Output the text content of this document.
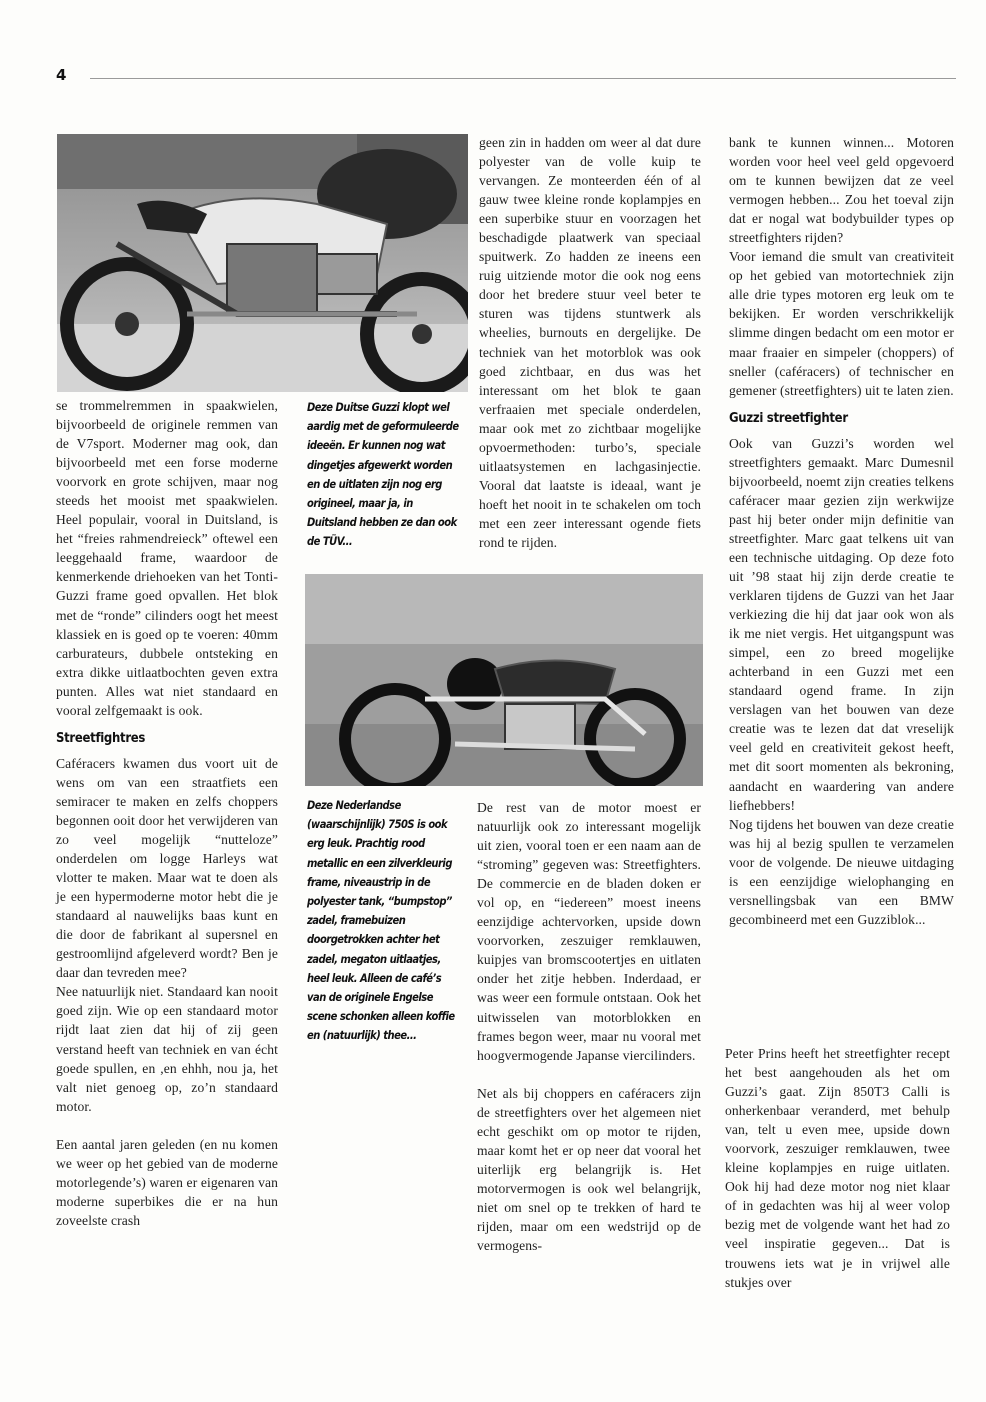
4

se trommelremmen in spaakwielen, bijvoorbeeld de originele remmen van de V7sport. Moderner mag ook, dan bijvoorbeeld met een forse moderne voorvork en grote schijven, maar nog steeds het mooist met spaakwielen. Heel populair, vooral in Duitsland, is het “freies rahmendreieck” oftewel een leeggehaald frame, waardoor de kenmerkende driehoeken van het Tonti-Guzzi frame goed opvallen. Het blok met de “ronde” cilinders oogt het meest klassiek en is goed op te voeren: 40mm carburateurs, dubbele ontsteking en extra dikke uitlaatbochten geven extra punten. Alles wat niet standaard en vooral zelfgemaakt is ook.

Streetfightres

Caféracers kwamen dus voort uit de wens om van een straatfiets een semiracer te maken en zelfs choppers begonnen ooit door het verwijderen van zo veel mogelijk “nutteloze” onderdelen om logge Harleys wat vlotter te maken. Maar wat te doen als je een hypermoderne motor hebt die je standaard al nauwelijks baas kunt en die door de fabrikant al supersnel en gestroomlijnd afgeleverd wordt? Ben je daar dan tevreden mee?

Nee natuurlijk niet. Standaard kan nooit goed zijn. Wie op een standaard motor rijdt laat zien dat hij of zij geen verstand heeft van techniek en van écht goede spullen, en ,en ehhh, nou ja, het valt niet genoeg op, zo’n standaard motor.

Een aantal jaren geleden (en nu komen we weer op het gebied van de moderne motorlegende’s) waren er eigenaren van moderne superbikes die er na hun zoveelste crash

Deze Duitse Guzzi klopt wel aardig met de geformuleerde ideeën. Er kunnen nog wat dingetjes afgewerkt worden en de uitlaten zijn nog erg origineel, maar ja, in Duitsland hebben ze dan ook de TÜV...
Deze Nederlandse (waarschijnlijk) 750S is ook erg leuk. Prachtig rood metallic en een zilverkleurig frame, niveaustrip in de polyester tank, “bumpstop” zadel, framebuizen doorgetrokken achter het zadel, megaton uitlaatjes, heel leuk. Alleen de café’s van de originele Engelse scene schonken alleen koffie en (natuurlijk) thee...

geen zin in hadden om weer al dat dure polyester van de volle kuip te vervangen. Ze monteerden één of al gauw twee kleine ronde koplampjes en een superbike stuur en voorzagen het beschadigde plaatwerk van speciaal spuitwerk. Zo hadden ze ineens een ruig uitziende motor die ook nog eens door het bredere stuur veel beter te sturen was tijdens stuntwerk als wheelies, burnouts en dergelijke. De techniek van het motorblok was ook goed zichtbaar, en dus was het interessant om het blok te gaan verfraaien met speciale onderdelen, maar ook met zo zichtbaar mogelijke opvoermethoden: turbo’s, speciale uitlaatsystemen en lachgasinjectie. Vooral dat laatste is ideaal, want je hoeft het nooit in te schakelen om toch met een zeer interessant ogende fiets rond te rijden.

De rest van de motor moest er natuurlijk ook zo interessant mogelijk uit zien, vooral toen er een naam aan de “stroming” gegeven was: Streetfighters. De commercie en de bladen doken er vol op, en “iedereen” moest ineens eenzijdige achtervorken, upside down voorvorken, zeszuiger remklauwen, kuipjes van bromscootertjes en uitlaten onder het zitje hebben. Inderdaad, er was weer een formule ontstaan. Ook het uitwisselen van motorblokken en frames begon weer, maar nu vooral met hoogvermogende Japanse viercilinders.

Net als bij choppers en caféracers zijn de streetfighters over het algemeen niet echt geschikt om op motor te rijden, maar komt het er op neer dat vooral het uiterlijk erg belangrijk is. Het motorvermogen is ook wel belangrijk, niet om snel op te trekken of hard te rijden, maar om een wedstrijd op de vermogens-

bank te kunnen winnen... Motoren worden voor heel veel geld opgevoerd om te kunnen bewijzen dat ze veel vermogen hebben... Zou het toeval zijn dat er nogal wat bodybuilder types op streetfighters rijden?

Voor iemand die smult van creativiteit op het gebied van motortechniek zijn alle drie types motoren erg leuk om te bekijken. Er worden verschrikkelijk slimme dingen bedacht om een motor er maar fraaier en simpeler (choppers) of sneller (caféracers) of technischer en gemener (streetfighters) uit te laten zien.

Guzzi streetfighter

Ook van Guzzi’s worden wel streetfighters gemaakt. Marc Dumesnil bijvoorbeeld, noemt zijn creaties telkens caféracer maar gezien zijn werkwijze past hij beter onder mijn definitie van streetfighter. Marc gaat telkens uit van een technische uitdaging. Op deze foto uit ’98 staat hij zijn derde creatie te verklaren tijdens de Guzzi van het Jaar verkiezing die hij dat jaar ook won als ik me niet vergis. Het uitgangspunt was simpel, een zo breed mogelijke achterband in een Guzzi met een standaard ogend frame. In zijn verslagen van het bouwen van deze creatie was te lezen dat dat vreselijk veel geld en creativiteit gekost heeft, met dit soort momenten als bekroning, aandacht en waardering van andere liefhebbers!

Nog tijdens het bouwen van deze creatie was hij al bezig spullen te verzamelen voor de volgende. De nieuwe uitdaging is een eenzijdige wielophanging en versnellingsbak van een BMW gecombineerd met een Guzziblok...

Peter Prins heeft het streetfighter recept het best aangehouden als het om Guzzi’s gaat. Zijn 850T3 Calli is onherkenbaar veranderd, met behulp van, telt u even mee, upside down voorvork, zeszuiger remklauwen, twee kleine koplampjes en ruige uitlaten. Ook hij had deze motor nog niet klaar of in gedachten was hij al weer volop bezig met de volgende want het had zo veel inspiratie gegeven... Dat is trouwens iets wat je in vrijwel alle stukjes over
